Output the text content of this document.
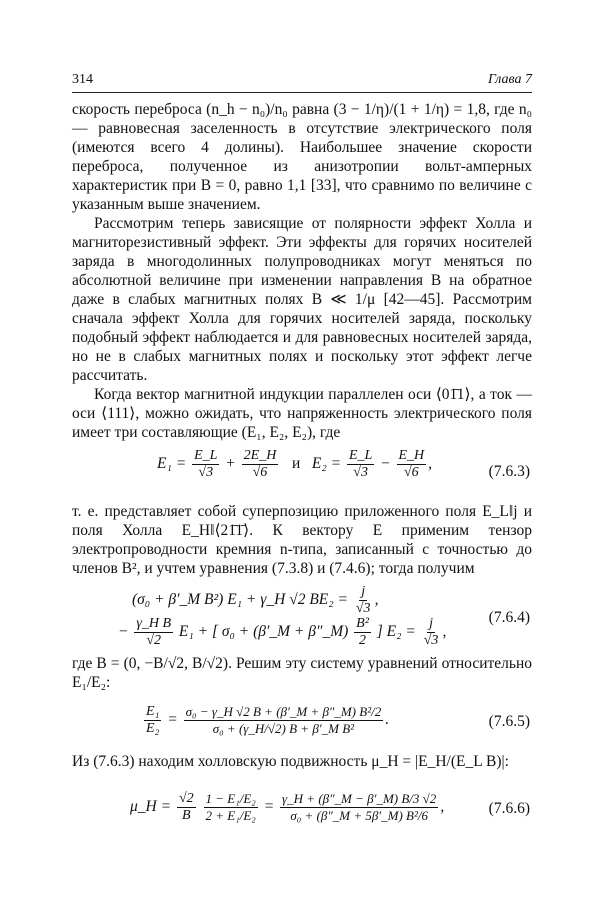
314	Глава 7

скорость переброса (n_h − n₀)/n₀ равна (3 − 1/η)/(1 + 1/η) = 1,8, где n₀ — равновесная заселенность в отсутствие электрического поля (имеются всего 4 долины). Наибольшее значение скорости переброса, полученное из анизотропии вольт-амперных характеристик при B = 0, равно 1,1 [33], что сравнимо по величине с указанным выше значением.

Рассмотрим теперь зависящие от полярности эффект Холла и магниторезистивный эффект. Эти эффекты для горячих носителей заряда в многодолинных полупроводниках могут меняться по абсолютной величине при изменении направления B на обратное даже в слабых магнитных полях B ≪ 1/μ [42—45]. Рассмотрим сначала эффект Холла для горячих носителей заряда, поскольку подобный эффект наблюдается и для равновесных носителей заряда, но не в слабых магнитных полях и поскольку этот эффект легче рассчитать.

Когда вектор магнитной индукции параллелен оси ⟨01̄1⟩, а ток — оси ⟨111⟩, можно ожидать, что напряженность электрического поля имеет три составляющие (E₁, E₂, E₂), где

$E_1 = \frac{E\_L}{√3} + \frac{2E\_H}{√6}$ и $E_2 = \frac{E\_L}{√3} - \frac{E\_H}{√6}$ ,	(7.6.3)

т. е. представляет собой суперпозицию приложенного поля E_L‖j и поля Холла E_H‖⟨21̄1̄⟩. К вектору E применим тензор электропроводности кремния n-типа, записанный с точностью до членов B², и учтем уравнения (7.3.8) и (7.4.6); тогда получим

(σ₀ + β′_M B²) E₁ + γ_H √2 $BE_2 = \frac{j}{√3}$ ,
− $\frac{\text{γ\_H B}}{√2} E_1$ + [ σ₀ + (β′_M + β″_M) $\frac{\text{B²}}{2}$ ] $E_2 = \frac{j}{√3}$ ,
(7.6.4)

где B = (0, −B/√2, B/√2). Решим эту систему уравнений относительно E₁/E₂:

$\frac{\text{E₁}}{\text{E₂}} = \frac{\text{σ₀ − γ\_H √2 B + (β′\_M + β″\_M) B²/2}}{\text{σ₀ + (γ\_H/√2) B + β′\_M B²}}$ .	(7.6.5)

Из (7.6.3) находим холловскую подвижность μ_H = |E_H/(E_L B)|:

μ_H = $\frac{√2}{B}$
$\frac{\text{1 − E₁/E₂}}{\text{2 + E₁/E₂}} = \frac{\gamma\_H + (\beta''\_M - \beta'\_M) B/3 √2}{\text{σ₀ + (β″\_M + 5β′\_M) B²/6}}$ ,	(7.6.6)
